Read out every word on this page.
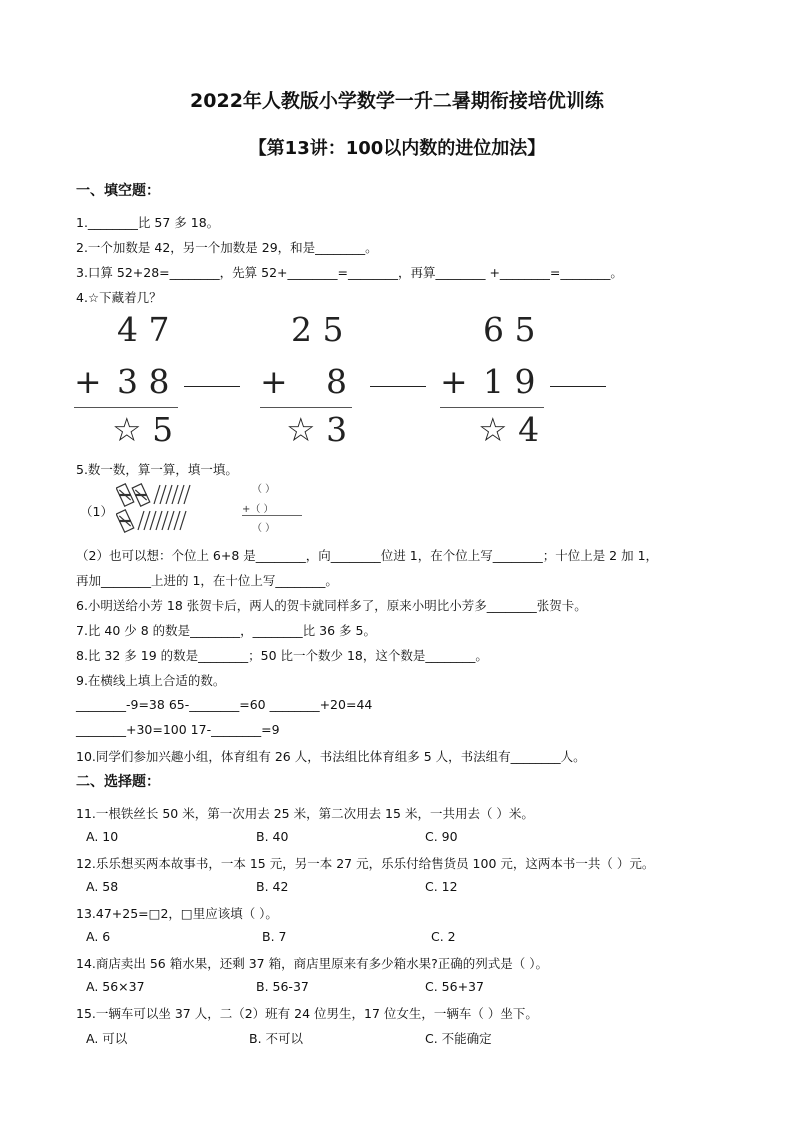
2022年人教版小学数学一升二暑期衔接培优训练
【第13讲：100以内数的进位加法】
一、填空题：
1.________比 57 多 18。
2.一个加数是 42，另一个加数是 29，和是________。
3.口算 52+28=________，先算 52+________=________，再算________ +________=________。
4.☆下藏着几？
4 7
+ 3 8
☆ 5
2 5
+ 8
☆ 3
6 5
+ 1 9
☆ 4
5.数一数，算一算，填一填。
（1）
（ ）
+（ ）
（ ）
（2）也可以想：个位上 6+8 是________，向________位进 1，在个位上写________；十位上是 2 加 1，
再加________上进的 1，在十位上写________。
6.小明送给小芳 18 张贺卡后，两人的贺卡就同样多了，原来小明比小芳多________张贺卡。
7.比 40 少 8 的数是________，________比 36 多 5。
8.比 32 多 19 的数是________；50 比一个数少 18，这个数是________。
9.在横线上填上合适的数。
________-9=38 65-________=60 ________+20=44
________+30=100 17-________=9
10.同学们参加兴趣小组，体育组有 26 人，书法组比体育组多 5 人，书法组有________人。
二、选择题：
11.一根铁丝长 50 米，第一次用去 25 米，第二次用去 15 米，一共用去（ ）米。
A. 10	B. 40	C. 90
12.乐乐想买两本故事书，一本 15 元，另一本 27 元，乐乐付给售货员 100 元，这两本书一共（ ）元。
A. 58	B. 42	C. 12
13.47+25=□2，□里应该填（ ）。
A. 6	B. 7	C. 2
14.商店卖出 56 箱水果，还剩 37 箱，商店里原来有多少箱水果?正确的列式是（ ）。
A. 56×37	B. 56-37	C. 56+37
15.一辆车可以坐 37 人，二（2）班有 24 位男生，17 位女生，一辆车（ ）坐下。
A. 可以	B. 不可以	C. 不能确定
